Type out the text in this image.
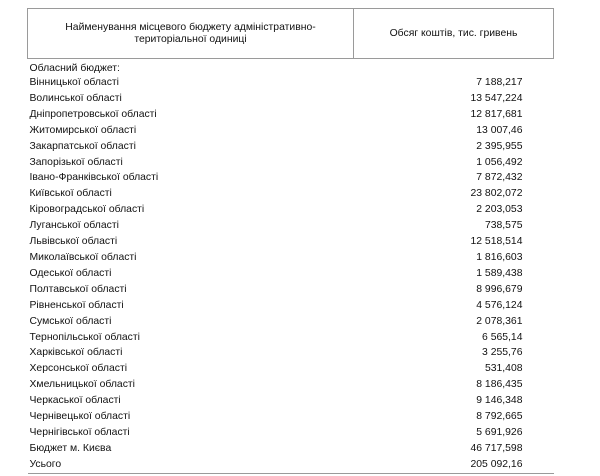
Найменування місцевого бюджету адміністративно-територіальної одиниці	Обсяг коштів, тис. гривень
Обласний бюджет:	
Вінницької області	7 188,217
Волинської області	13 547,224
Дніпропетровської області	12 817,681
Житомирської області	13 007,46
Закарпатської області	2 395,955
Запорізької області	1 056,492
Івано-Франківської області	7 872,432
Київської області	23 802,072
Кіровоградської області	2 203,053
Луганської області	738,575
Львівської області	12 518,514
Миколаївської області	1 816,603
Одеської області	1 589,438
Полтавської області	8 996,679
Рівненської області	4 576,124
Сумської області	2 078,361
Тернопільської області	6 565,14
Харківської області	3 255,76
Херсонської області	531,408
Хмельницької області	8 186,435
Черкаської області	9 146,348
Чернівецької області	8 792,665
Чернігівської області	5 691,926
Бюджет м. Києва	46 717,598
Усього	205 092,16
